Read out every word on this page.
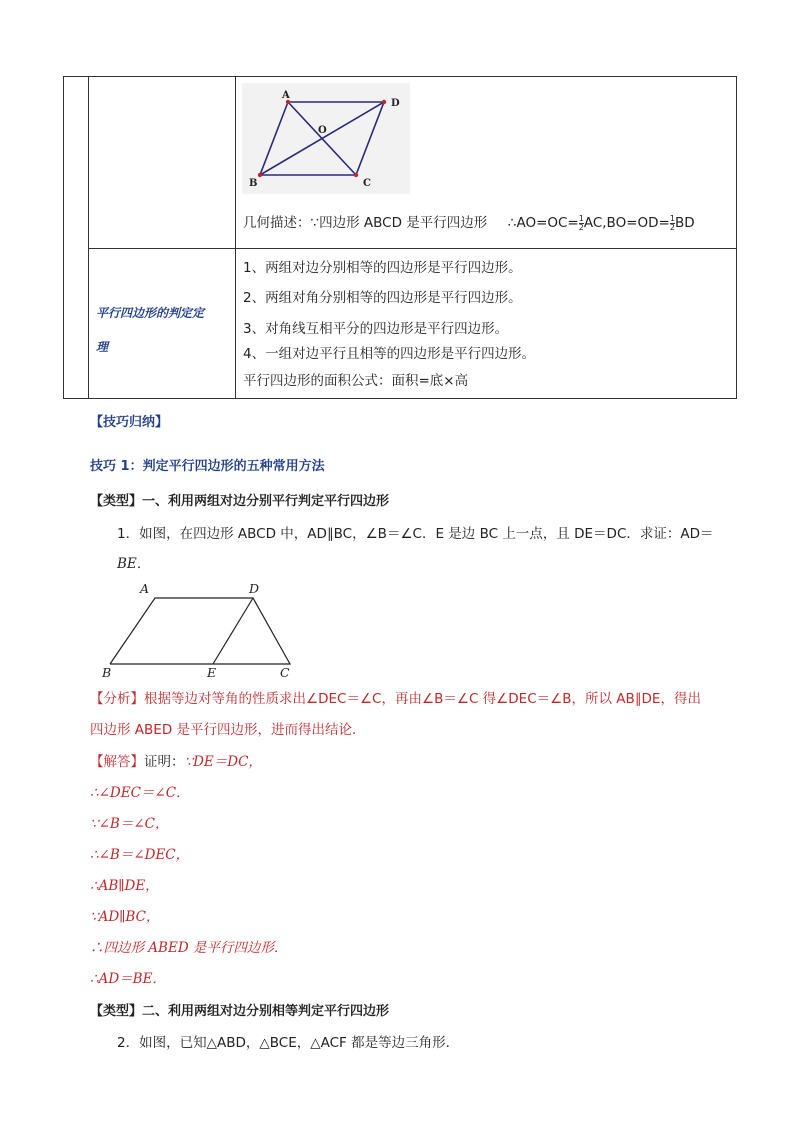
A
D
O
B	C
几何描述：∵四边形 ABCD 是平行四边形 ∴AO=OC= $\frac{1}{2} AC,BO=OD= \frac{1}{2}$ BD
平行四边形的判定定
理
1、两组对边分别相等的四边形是平行四边形。
2、两组对角分别相等的四边形是平行四边形。
3、对角线互相平分的四边形是平行四边形。
4、一组对边平行且相等的四边形是平行四边形。
平行四边形的面积公式：面积=底×高
【技巧归纳】
技巧 1：判定平行四边形的五种常用方法
【类型】一、利用两组对边分别平行判定平行四边形
1．如图，在四边形 ABCD 中，AD∥BC，∠B＝∠C．E 是边 BC 上一点，且 DE＝DC．求证：AD＝
BE．
A	D
B	E	C
【分析】根据等边对等角的性质求出∠DEC＝∠C，再由∠B＝∠C 得∠DEC＝∠B，所以 AB∥DE，得出
四边形 ABED 是平行四边形，进而得出结论．
【解答】证明：∵DE＝DC，
∴∠DEC＝∠C．
∵∠B＝∠C，
∴∠B＝∠DEC，
∴AB∥DE，
∵AD∥BC，
∴四边形 ABED 是平行四边形．
∴AD＝BE．
【类型】二、利用两组对边分别相等判定平行四边形
2．如图，已知△ABD，△BCE，△ACF 都是等边三角形．
